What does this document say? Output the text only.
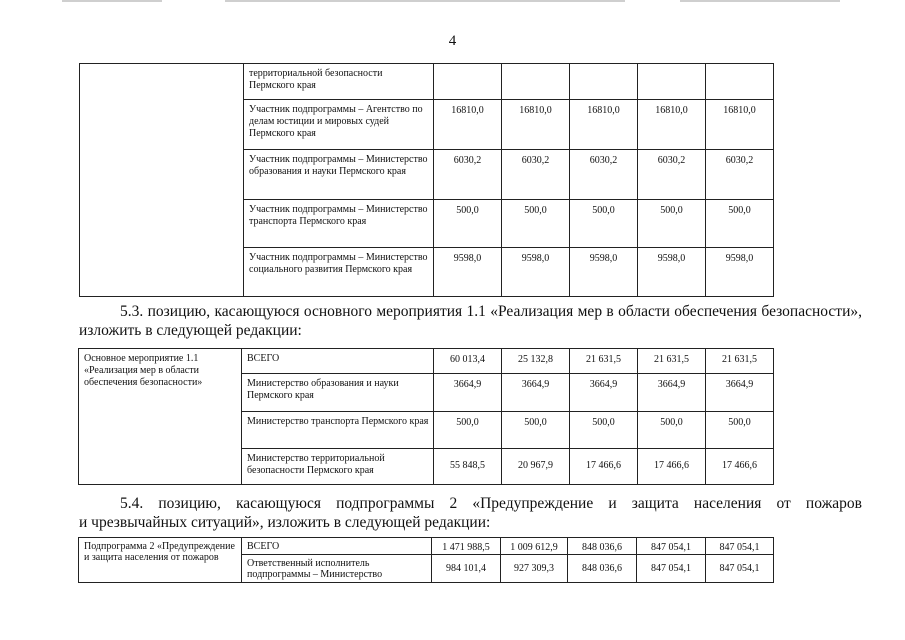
4
	территориальной безопасности Пермского края					
	Участник подпрограммы – Агентство по делам юстиции и мировых судей Пермского края	16810,0	16810,0	16810,0	16810,0	16810,0
	Участник подпрограммы – Министерство образования и науки Пермского края	6030,2	6030,2	6030,2	6030,2	6030,2
	Участник подпрограммы – Министерство транспорта Пермского края	500,0	500,0	500,0	500,0	500,0
	Участник подпрограммы – Министерство социального развития Пермского края	9598,0	9598,0	9598,0	9598,0	9598,0

5.3. позицию, касающуюся основного мероприятия 1.1 «Реализация мер в области обеспечения безопасности»,

изложить в следующей редакции:

Основное мероприятие 1.1 «Реализация мер в области обеспечения безопасности»	ВСЕГО	60 013,4	25 132,8	21 631,5	21 631,5	21 631,5
	Министерство образования и науки Пермского края	3664,9	3664,9	3664,9	3664,9	3664,9
	Министерство транспорта Пермского края	500,0	500,0	500,0	500,0	500,0
	Министерство территориальной безопасности Пермского края	55 848,5	20 967,9	17 466,6	17 466,6	17 466,6

5.4. позицию, касающуюся подпрограммы 2 «Предупреждение и защита населения от пожаров

и чрезвычайных ситуаций», изложить в следующей редакции:

Подпрограмма 2 «Предупреждение и защита населения от пожаров	ВСЕГО	1 471 988,5	1 009 612,9	848 036,6	847 054,1	847 054,1
	Ответственный исполнитель подпрограммы – Министерство	984 101,4	927 309,3	848 036,6	847 054,1	847 054,1
